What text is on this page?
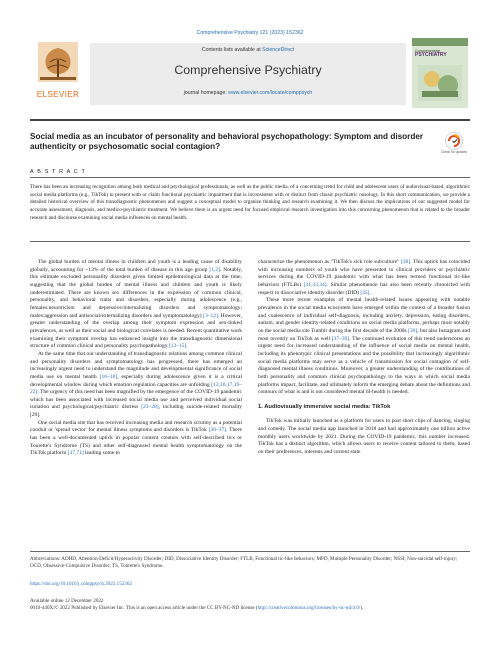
Comprehensive Psychiatry 121 (2023) 152362
ELSEVIER
Contents lists available at ScienceDirect
Comprehensive Psychiatry
journal homepage: www.elsevier.com/locate/comppsych
Comprehensive
PSYCHIATRY
Social media as an incubator of personality and behavioral psychopathology: Symptom and disorder authenticity or psychosomatic social contagion?
Check for updates
A B S T R A C T
There has been an increasing recognition among both medical and psychological professionals, as well as the public media, of a concerning trend for child and adolescent users of audiovisual-based, algorithmic social media platforms (e.g., TikTok) to present with or claim functional psychiatric impairment that is inconsistent with or distinct from classic psychiatric nosology. In this short communication, we provide a detailed historical overview of this transdiagnostic phenomenon and suggest a conceptual model to organize thinking and research examining it. We then discuss the implications of our suggested model for accurate assessment, diagnosis, and medico-psychiatric treatment. We believe there is an urgent need for focused empirical research investigation into this concerning phenomenon that is related to the broader research and discourse examining social media influences on mental health.

The global burden of mental illness in children and youth is a leading cause of disability globally, accounting for ~13% of the total burden of disease in this age group [1,2]. Notably, this estimate excluded personality disorders given limited epidemiological data at the time, suggesting that the global burden of mental illness and children and youth is likely underestimated. There are known sex differences in the expression of common clinical, personality, and behavioral traits and disorders, especially during adolescence (e.g., females:neuroticism and depressive/internalizing disorders and symptomatology; males:aggression and antisocial/externalizing disorders and symptomatology) [3–12]. However, greater understanding of the overlap among their symptom expression and sex-linked prevalences, as well as their social and biological correlates is needed. Recent quantitative work examining their symptom overlap has enhanced insight into the transdiagnostic dimensional structure of common clinical and personality psychopathology [13–15].

At the same time that our understanding of transdiagnostic relations among common clinical and personality disorders and symptomatology has progressed, there has emerged an increasingly urgent need to understand the magnitude and developmental significance of social media use on mental health [16–18], especially during adolescence given it is a critical developmental window during which emotion regulation capacities are unfolding [12,16,17,19–22]. The urgency of this need has been magnified by the emergence of the COVID-19 pandemic which has been associated with increased social media use and perceived individual social isolation and psychological/psychiatric distress [23–28], including suicide-related mortality [29].

One social media site that has received increasing media and research scrutiny as a potential conduit or 'spread vector' for mental illness symptoms and disorders is TikTok [30–37]. There has been a well-documented uptick in popular content creators with self-described tics or Tourette's Syndrome (TS) and other self-diagnosed mental health symptomatology on the TikTok platform [37,71] leading some to

characterize the phenomenon as "TikTok's sick role subculture" [38]. This uptick has coincided with increasing numbers of youth who have presented to clinical providers or psychiatric services during the COVID-19 pandemic with what has been termed functional tic-like behaviors (FTLBs) [31,33,34]. Similar phenomenon has also been recently chronicled with respect to dissociative identity disorder (DID) [35].

These more recent examples of mental health-related issues appearing with notable prevalence in the social media ecosystem have emerged within the context of a broader fusion and coalescence of individual self-diagnosis, including anxiety, depression, eating disorders, autism, and gender identity-related conditions on social media platforms, perhaps most notably on the social media site Tumblr during the first decade of the 2000s [36], but also Instagram and most recently on TikTok as well [37–39]. The continued evolution of this trend underscores an urgent need for increased understanding of the influence of social media on mental health, including its phenotypic clinical presentations and the possibility that increasingly algorithmic social media platforms may serve as a vehicle of transmission for social contagion of self-diagnosed mental illness conditions. Moreover, a greater understanding of the contributions of both personality and common clinical psychopathology to the ways in which social media platforms impact, facilitate, and ultimately inform the emerging debate about the definitions and contours of what is and is not considered mental ill-health is needed.

1. Audiovisually immersive social media: TikTok

TikTok was initially launched as a platform for users to post short clips of dancing, singing and comedy. The social media app launched in 2018 and had approximately one billion active monthly users worldwide by 2021. During the COVID-19 pandemic, this number increased. TikTok has a distinct algorithm, which allows users to receive content tailored to them, based on their preferences, interests and current state

Abbreviations: ADHD, Attention-Deficit/Hyperactivity Disorder; DID, Dissociative Identity Disorder; FTLB, Functional tic-like behaviors; MPD, Multiple Personality Disorder; NSSI, Non-suicidal self-injury; OCD, Obsessive-Compulsive Disorder; TS, Tourette's Syndrome.
https://doi.org/10.1016/j.comppsych.2022.152362
Available online 12 December 2022
0010-440X/© 2022 Published by Elsevier Inc. This is an open access article under the CC BY-NC-ND license (http://creativecommons.org/licenses/by-nc-nd/4.0/).
